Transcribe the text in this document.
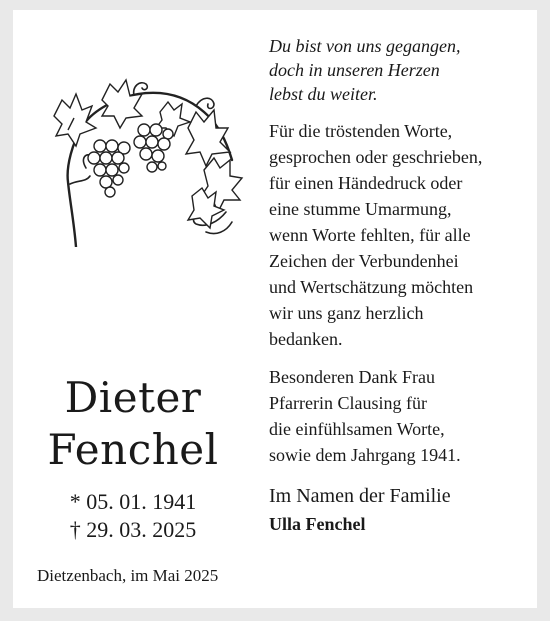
Dieter
Fenchel
* 05. 01. 1941
† 29. 03. 2025
Dietzenbach, im Mai 2025
Du bist von uns gegangen,
doch in unseren Herzen
lebst du weiter.
Für die tröstenden Worte,
gesprochen oder geschrieben,
für einen Händedruck oder
eine stumme Umarmung,
wenn Worte fehlten, für alle
Zeichen der Verbundenhei
und Wertschätzung möchten
wir uns ganz herzlich
bedanken.
Besonderen Dank Frau
Pfarrerin Clausing für
die einfühlsamen Worte,
sowie dem Jahrgang 1941.
Im Namen der Familie
Ulla Fenchel
